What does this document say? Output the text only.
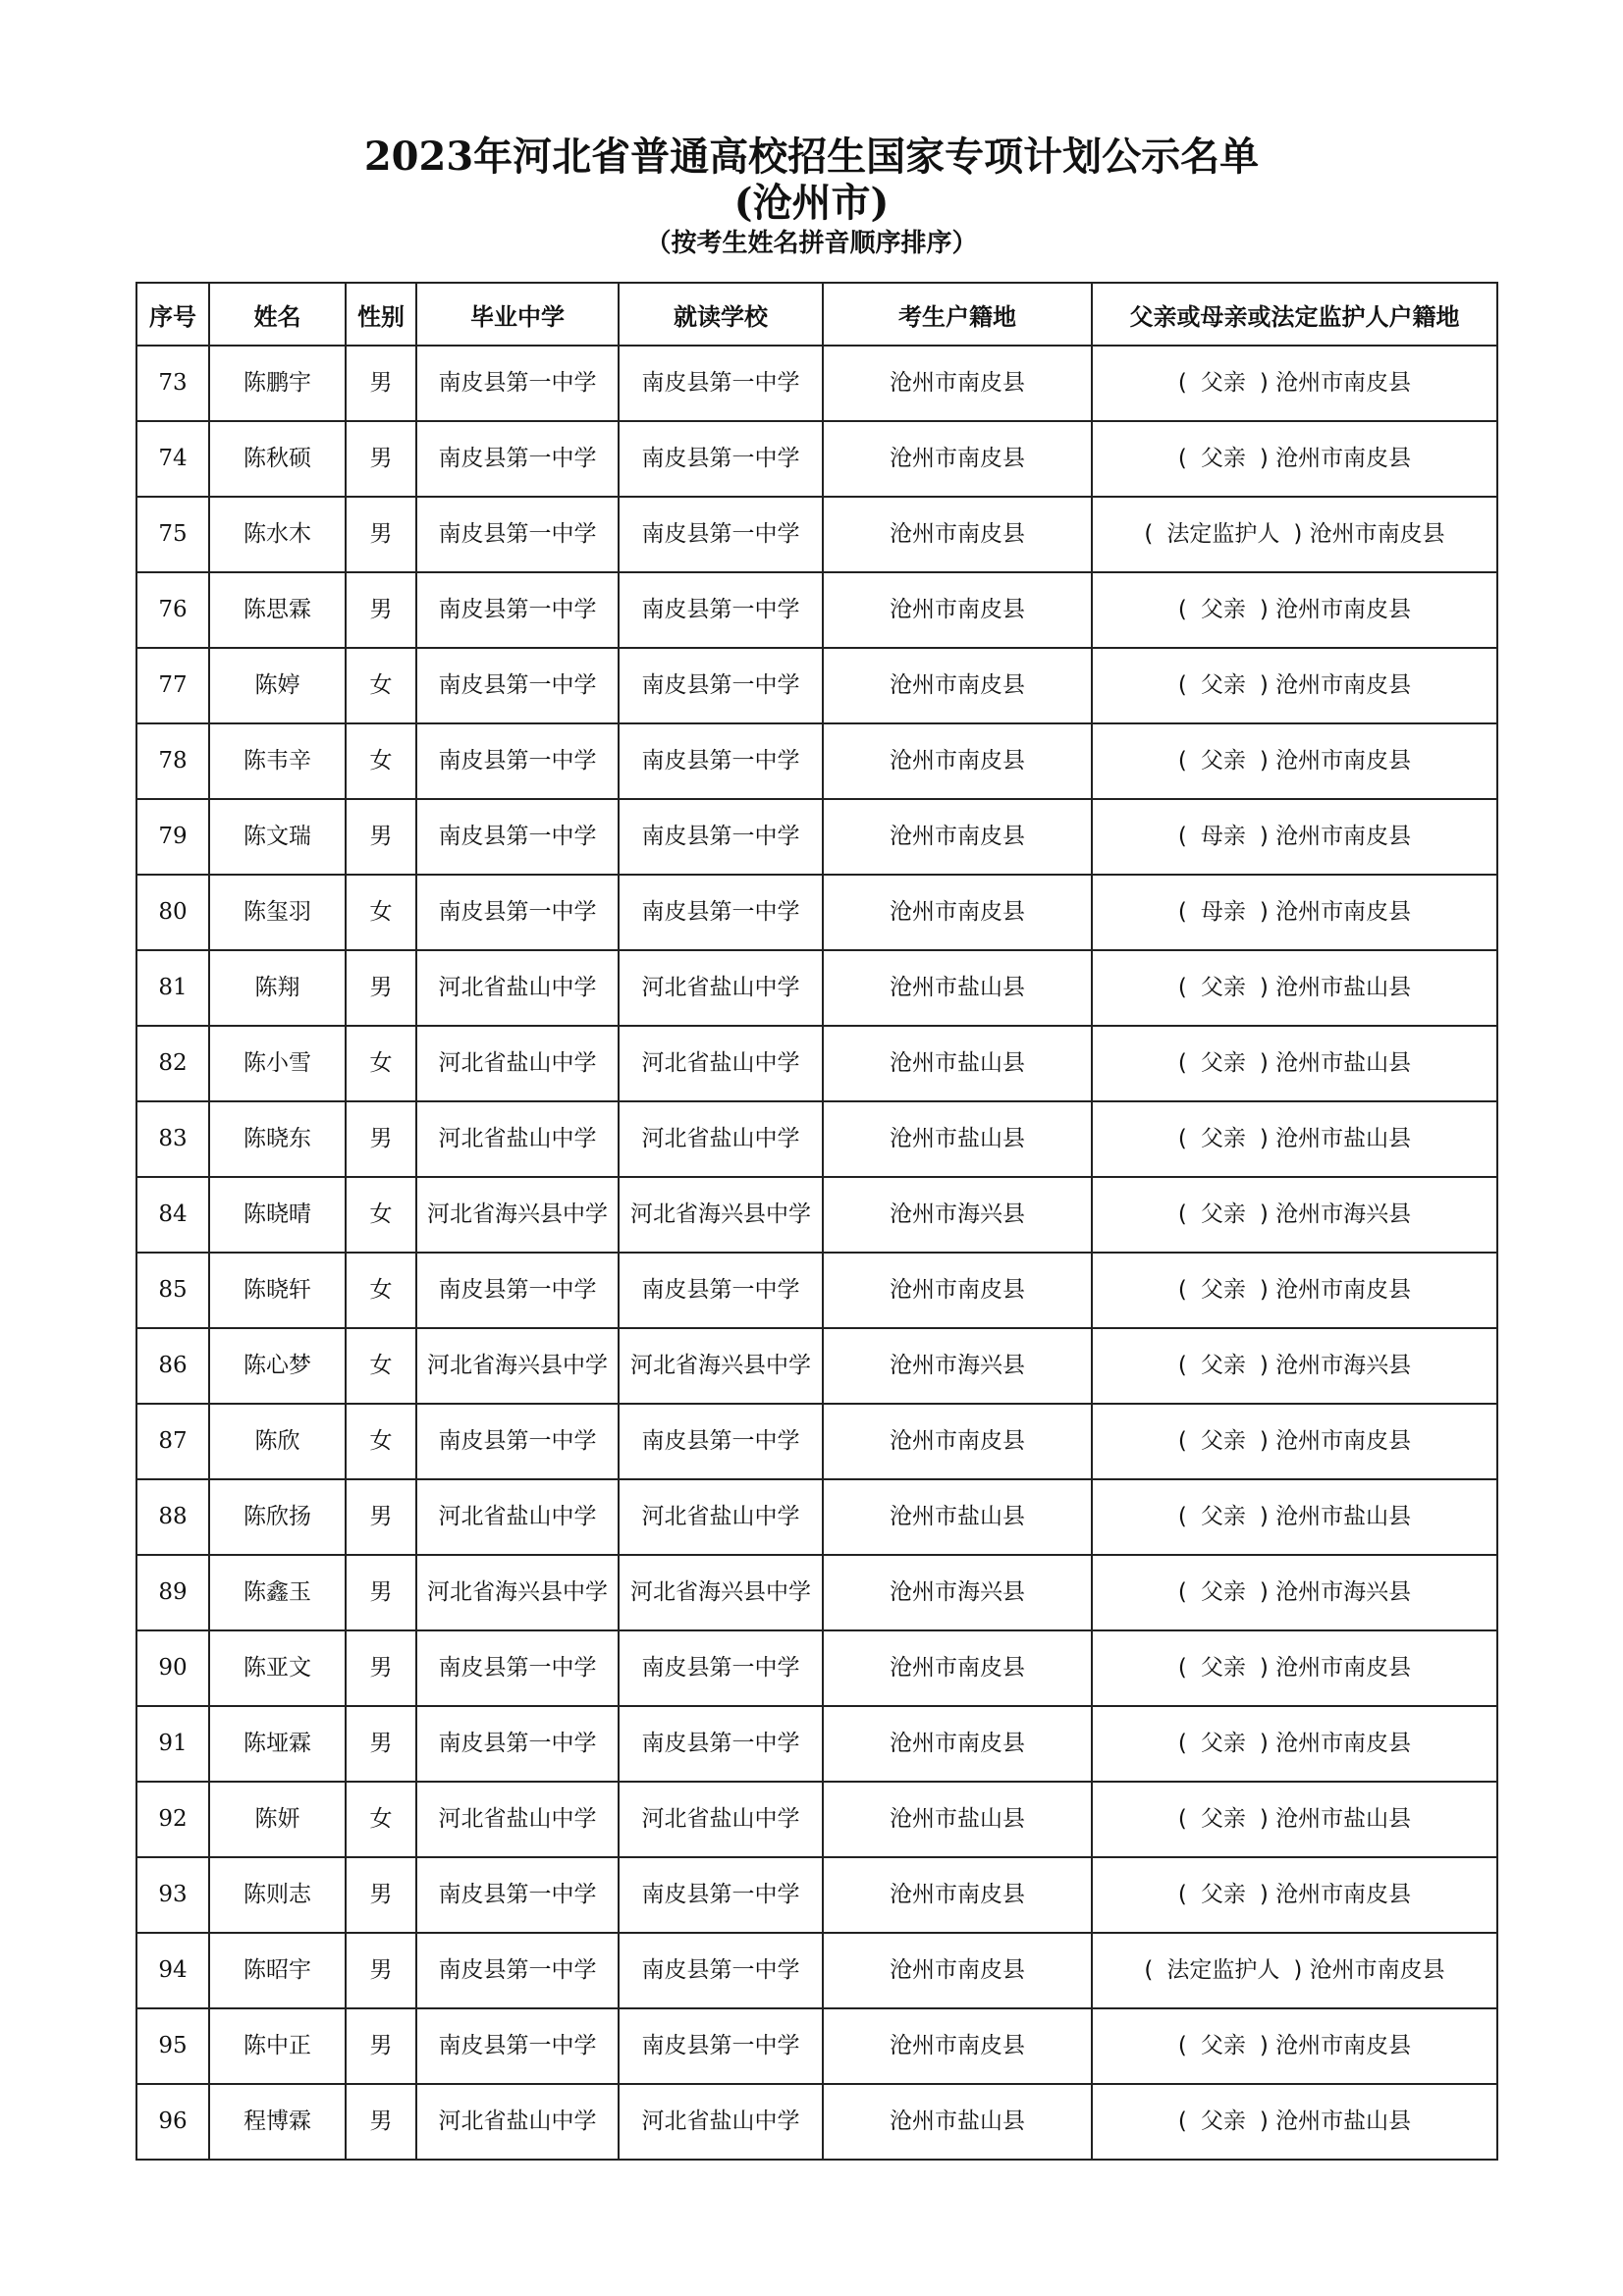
2023年河北省普通高校招生国家专项计划公示名单
(沧州市)
（按考生姓名拼音顺序排序）
序号	姓名	性别	毕业中学	就读学校	考生户籍地	父亲或母亲或法定监护人户籍地
73	陈鹏宇	男	南皮县第一中学	南皮县第一中学	沧州市南皮县	( 父亲 ) 沧州市南皮县
74	陈秋硕	男	南皮县第一中学	南皮县第一中学	沧州市南皮县	( 父亲 ) 沧州市南皮县
75	陈水木	男	南皮县第一中学	南皮县第一中学	沧州市南皮县	( 法定监护人 ) 沧州市南皮县
76	陈思霖	男	南皮县第一中学	南皮县第一中学	沧州市南皮县	( 父亲 ) 沧州市南皮县
77	陈婷	女	南皮县第一中学	南皮县第一中学	沧州市南皮县	( 父亲 ) 沧州市南皮县
78	陈韦辛	女	南皮县第一中学	南皮县第一中学	沧州市南皮县	( 父亲 ) 沧州市南皮县
79	陈文瑞	男	南皮县第一中学	南皮县第一中学	沧州市南皮县	( 母亲 ) 沧州市南皮县
80	陈玺羽	女	南皮县第一中学	南皮县第一中学	沧州市南皮县	( 母亲 ) 沧州市南皮县
81	陈翔	男	河北省盐山中学	河北省盐山中学	沧州市盐山县	( 父亲 ) 沧州市盐山县
82	陈小雪	女	河北省盐山中学	河北省盐山中学	沧州市盐山县	( 父亲 ) 沧州市盐山县
83	陈晓东	男	河北省盐山中学	河北省盐山中学	沧州市盐山县	( 父亲 ) 沧州市盐山县
84	陈晓晴	女	河北省海兴县中学	河北省海兴县中学	沧州市海兴县	( 父亲 ) 沧州市海兴县
85	陈晓轩	女	南皮县第一中学	南皮县第一中学	沧州市南皮县	( 父亲 ) 沧州市南皮县
86	陈心梦	女	河北省海兴县中学	河北省海兴县中学	沧州市海兴县	( 父亲 ) 沧州市海兴县
87	陈欣	女	南皮县第一中学	南皮县第一中学	沧州市南皮县	( 父亲 ) 沧州市南皮县
88	陈欣扬	男	河北省盐山中学	河北省盐山中学	沧州市盐山县	( 父亲 ) 沧州市盐山县
89	陈鑫玉	男	河北省海兴县中学	河北省海兴县中学	沧州市海兴县	( 父亲 ) 沧州市海兴县
90	陈亚文	男	南皮县第一中学	南皮县第一中学	沧州市南皮县	( 父亲 ) 沧州市南皮县
91	陈垭霖	男	南皮县第一中学	南皮县第一中学	沧州市南皮县	( 父亲 ) 沧州市南皮县
92	陈妍	女	河北省盐山中学	河北省盐山中学	沧州市盐山县	( 父亲 ) 沧州市盐山县
93	陈则志	男	南皮县第一中学	南皮县第一中学	沧州市南皮县	( 父亲 ) 沧州市南皮县
94	陈昭宇	男	南皮县第一中学	南皮县第一中学	沧州市南皮县	( 法定监护人 ) 沧州市南皮县
95	陈中正	男	南皮县第一中学	南皮县第一中学	沧州市南皮县	( 父亲 ) 沧州市南皮县
96	程博霖	男	河北省盐山中学	河北省盐山中学	沧州市盐山县	( 父亲 ) 沧州市盐山县
